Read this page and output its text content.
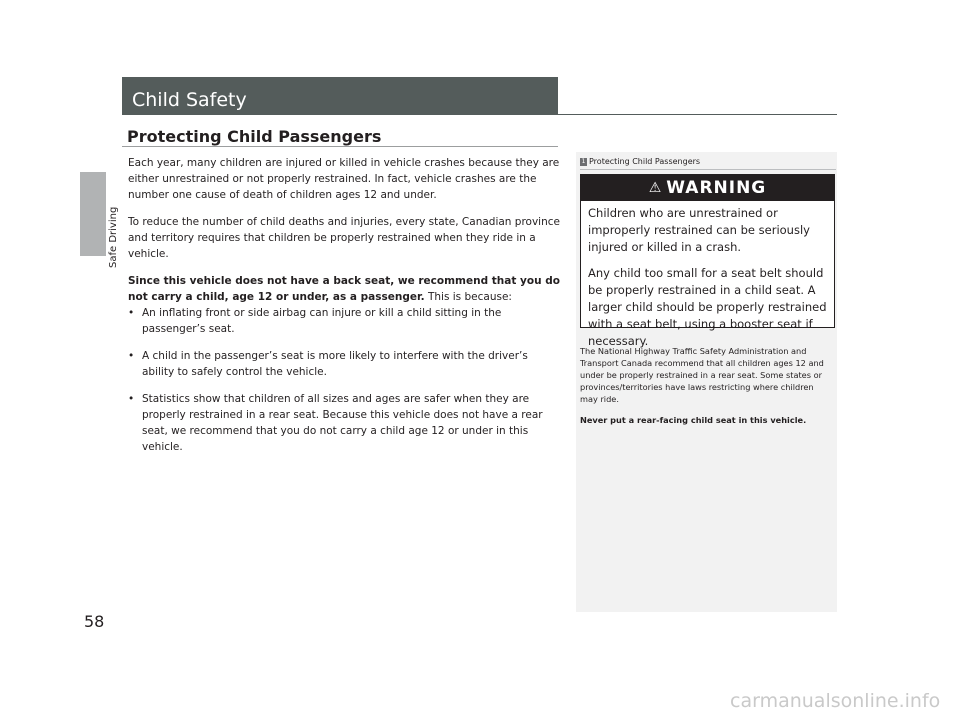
Safe Driving
58
Child Safety
Protecting Child Passengers

Each year, many children are injured or killed in vehicle crashes because they are either unrestrained or not properly restrained. In fact, vehicle crashes are the number one cause of death of children ages 12 and under.

To reduce the number of child deaths and injuries, every state, Canadian province and territory requires that children be properly restrained when they ride in a vehicle.

Since this vehicle does not have a back seat, we recommend that you do not carry a child, age 12 or under, as a passenger. This is because:

• An inflating front or side airbag can injure or kill a child sitting in the passenger’s seat.
• A child in the passenger’s seat is more likely to interfere with the driver’s ability to safely control the vehicle.
• Statistics show that children of all sizes and ages are safer when they are properly restrained in a rear seat. Because this vehicle does not have a rear seat, we recommend that you do not carry a child age 12 or under in this vehicle.
1 Protecting Child Passengers
⚠ WARNING

Children who are unrestrained or improperly restrained can be seriously injured or killed in a crash.

Any child too small for a seat belt should be properly restrained in a child seat. A larger child should be properly restrained with a seat belt, using a booster seat if necessary.

The National Highway Traffic Safety Administration and Transport Canada recommend that all children ages 12 and under be properly restrained in a rear seat. Some states or provinces/territories have laws restricting where children may ride.

Never put a rear-facing child seat in this vehicle.

carmanualsonline.info
